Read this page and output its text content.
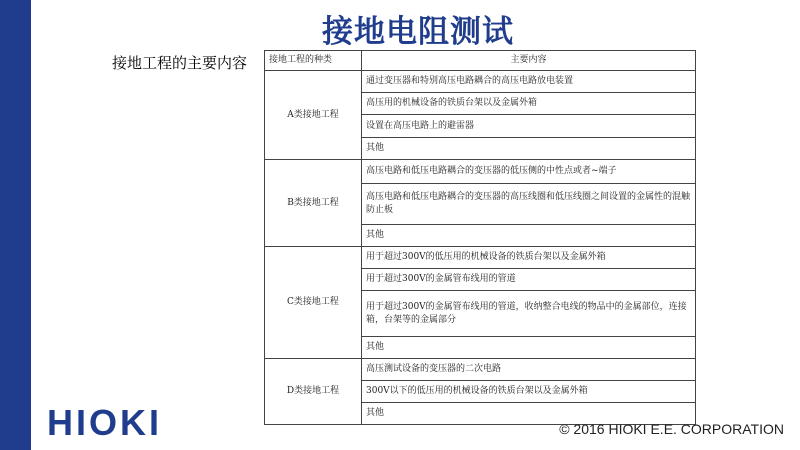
接地电阻测试
接地工程的主要内容 接地工程的种类	主要内容
A类接地工程	通过变压器和特别高压电路耦合的高压电路放电装置
	高压用的机械设备的铁质台架以及金属外箱
	设置在高压电路上的避雷器
	其他
B类接地工程	高压电路和低压电路耦合的变压器的低压侧的中性点或者~端子
	高压电路和低压电路耦合的变压器的高压线圈和低压线圈之间设置的金属性的混触防止板
	其他
C类接地工程	用于超过300V的低压用的机械设备的铁质台架以及金属外箱
	用于超过300V的金属管布线用的管道
	用于超过300V的金属管布线用的管道，收纳整合电线的物品中的金属部位，连接箱，台架等的金属部分
	其他
D类接地工程	高压测试设备的变压器的二次电路
	300V以下的低压用的机械设备的铁质台架以及金属外箱
	其他
HIOKI	© 2016 HIOKI E.E. CORPORATION
